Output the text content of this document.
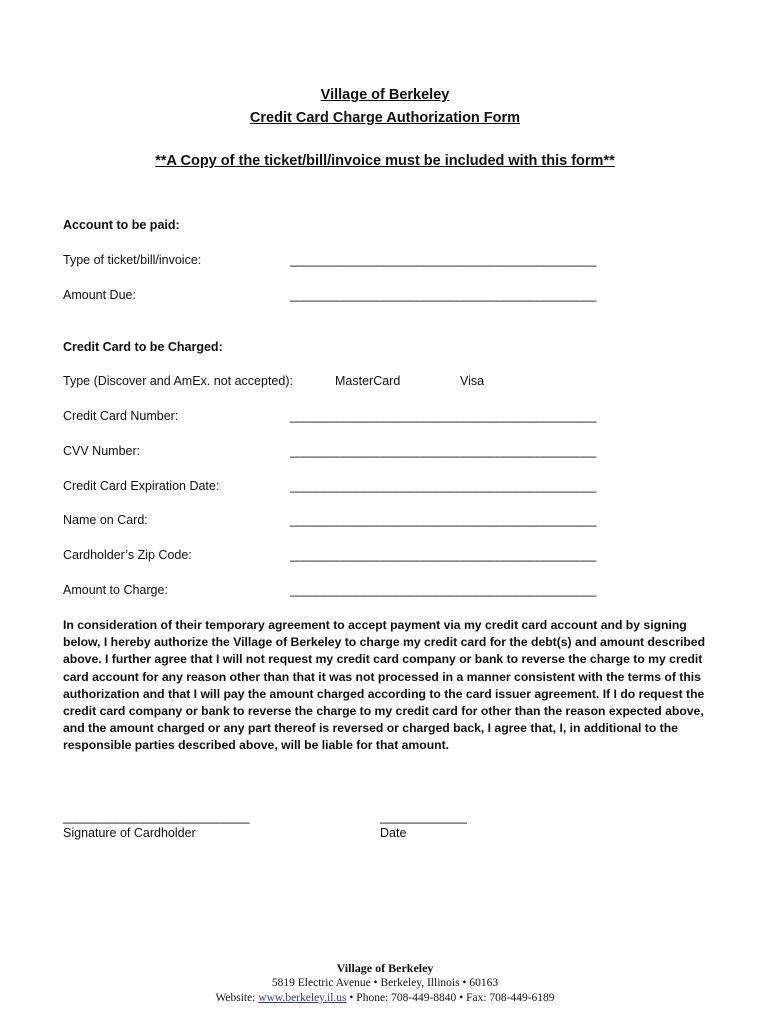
Village of Berkeley
Credit Card Charge Authorization Form
**A Copy of the ticket/bill/invoice must be included with this form**
Account to be paid:
Type of ticket/bill/invoice:	______________________________________________
Amount Due:	______________________________________________
Credit Card to be Charged:
Type (Discover and AmEx. not accepted):	MasterCard	Visa
Credit Card Number:	______________________________________________
CVV Number:	______________________________________________
Credit Card Expiration Date:	______________________________________________
Name on Card:	______________________________________________
Cardholder’s Zip Code:	______________________________________________
Amount to Charge:	______________________________________________
In consideration of their temporary agreement to accept payment via my credit card account and by signing below, I hereby authorize the Village of Berkeley to charge my credit card for the debt(s) and amount described above. I further agree that I will not request my credit card company or bank to reverse the charge to my credit card account for any reason other than that it was not processed in a manner consistent with the terms of this authorization and that I will pay the amount charged according to the card issuer agreement. If I do request the credit card company or bank to reverse the charge to my credit card for other than the reason expected above, and the amount charged or any part thereof is reversed or charged back, I agree that, I, in additional to the responsible parties described above, will be liable for that amount.
____________________________
Signature of Cardholder
_____________
Date
Village of Berkeley
5819 Electric Avenue • Berkeley, Illinois • 60163
Website: www.berkeley.il.us • Phone: 708-449-8840 • Fax: 708-449-6189
